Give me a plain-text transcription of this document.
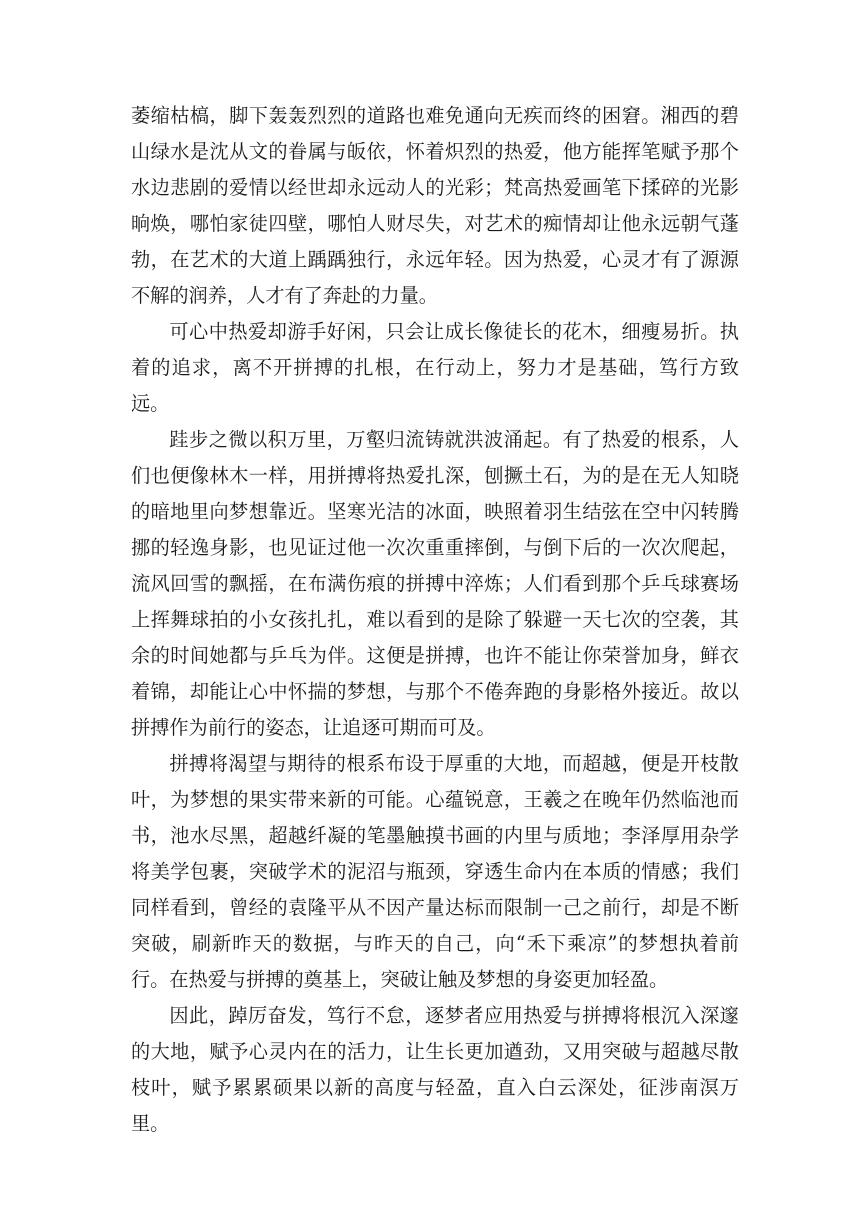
萎缩枯槁，脚下轰轰烈烈的道路也难免通向无疾而终的困窘。湘西的碧山绿水是沈从文的眷属与皈依，怀着炽烈的热爱，他方能挥笔赋予那个水边悲剧的爱情以经世却永远动人的光彩；梵高热爱画笔下揉碎的光影晌焕，哪怕家徒四壁，哪怕人财尽失，对艺术的痴情却让他永远朝气蓬勃，在艺术的大道上踽踽独行，永远年轻。因为热爱，心灵才有了源源不解的润养，人才有了奔赴的力量。

可心中热爱却游手好闲，只会让成长像徒长的花木，细瘦易折。执着的追求，离不开拼搏的扎根，在行动上，努力才是基础，笃行方致远。

跬步之微以积万里，万壑归流铸就洪波涌起。有了热爱的根系，人们也便像林木一样，用拼搏将热爱扎深，刨撅土石，为的是在无人知晓的暗地里向梦想靠近。坚寒光洁的冰面，映照着羽生结弦在空中闪转腾挪的轻逸身影，也见证过他一次次重重摔倒，与倒下后的一次次爬起，流风回雪的飘摇，在布满伤痕的拼搏中淬炼；人们看到那个乒乓球赛场上挥舞球拍的小女孩扎扎，难以看到的是除了躲避一天七次的空袭，其余的时间她都与乒乓为伴。这便是拼搏，也许不能让你荣誉加身，鲜衣着锦，却能让心中怀揣的梦想，与那个不倦奔跑的身影格外接近。故以拼搏作为前行的姿态，让追逐可期而可及。

拼搏将渴望与期待的根系布设于厚重的大地，而超越，便是开枝散叶，为梦想的果实带来新的可能。心蕴锐意，王羲之在晚年仍然临池而书，池水尽黑，超越纤凝的笔墨触摸书画的内里与质地；李泽厚用杂学将美学包裹，突破学术的泥沼与瓶颈，穿透生命内在本质的情感；我们同样看到，曾经的袁隆平从不因产量达标而限制一己之前行，却是不断突破，刷新昨天的数据，与昨天的自己，向“禾下乘凉”的梦想执着前行。在热爱与拼搏的奠基上，突破让触及梦想的身姿更加轻盈。

因此，踔厉奋发，笃行不怠，逐梦者应用热爱与拼搏将根沉入深邃的大地，赋予心灵内在的活力，让生长更加遒劲，又用突破与超越尽散枝叶，赋予累累硕果以新的高度与轻盈，直入白云深处，征涉南溟万里。
